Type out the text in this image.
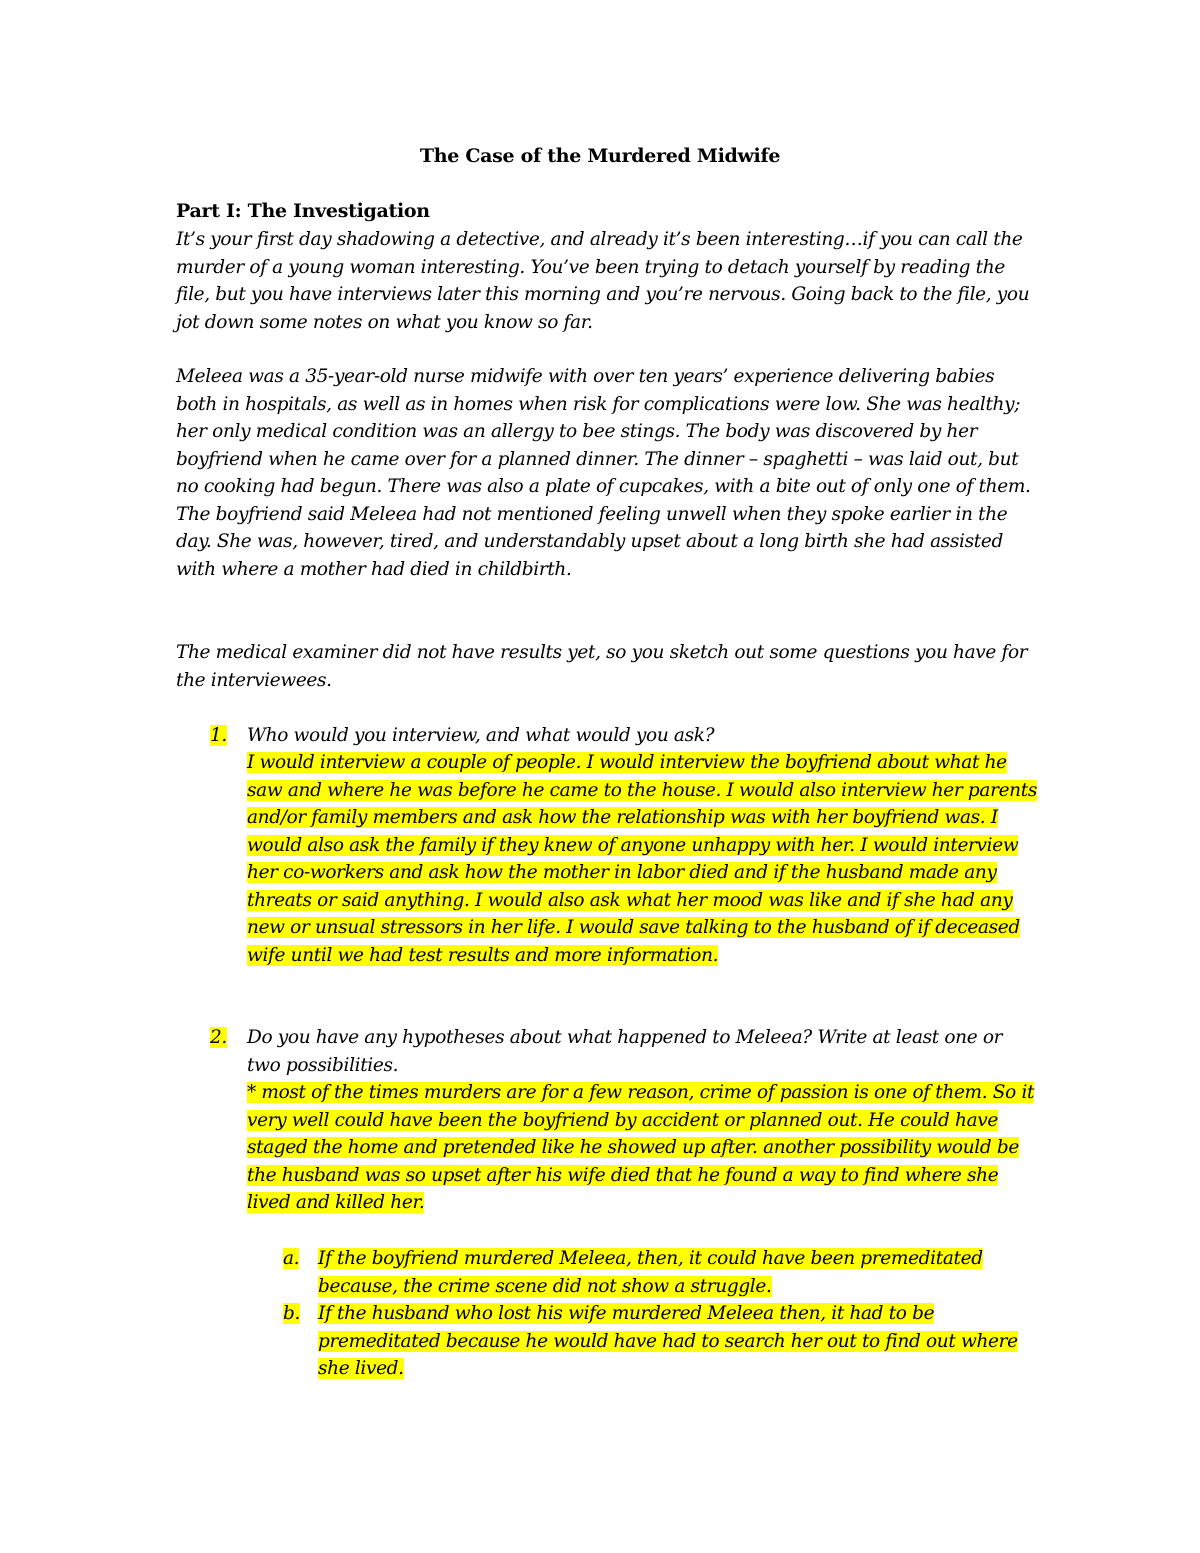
The Case of the Murdered Midwife
Part I: The Investigation

It’s your first day shadowing a detective, and already it’s been interesting…if you can call the murder of a young woman interesting. You’ve been trying to detach yourself by reading the file, but you have interviews later this morning and you’re nervous. Going back to the file, you jot down some notes on what you know so far.

Meleea was a 35-year-old nurse midwife with over ten years’ experience delivering babies both in hospitals, as well as in homes when risk for complications were low. She was healthy; her only medical condition was an allergy to bee stings. The body was discovered by her boyfriend when he came over for a planned dinner. The dinner – spaghetti – was laid out, but no cooking had begun. There was also a plate of cupcakes, with a bite out of only one of them. The boyfriend said Meleea had not mentioned feeling unwell when they spoke earlier in the day. She was, however, tired, and understandably upset about a long birth she had assisted with where a mother had died in childbirth.

The medical examiner did not have results yet, so you sketch out some questions you have for the interviewees.

1. Who would you interview, and what would you ask?
I would interview a couple of people. I would interview the boyfriend about what he saw and where he was before he came to the house. I would also interview her parents and/or family members and ask how the relationship was with her boyfriend was. I would also ask the family if they knew of anyone unhappy with her. I would interview her co-workers and ask how the mother in labor died and if the husband made any threats or said anything. I would also ask what her mood was like and if she had any new or unsual stressors in her life. I would save talking to the husband of if deceased wife until we had test results and more information.
2. Do you have any hypotheses about what happened to Meleea? Write at least one or two possibilities.
* most of the times murders are for a few reason, crime of passion is one of them. So it very well could have been the boyfriend by accident or planned out. He could have staged the home and pretended like he showed up after. another possibility would be the husband was so upset after his wife died that he found a way to find where she lived and killed her.
a. If the boyfriend murdered Meleea, then, it could have been premeditated because, the crime scene did not show a struggle.
b. If the husband who lost his wife murdered Meleea then, it had to be premeditated because he would have had to search her out to find out where she lived.
